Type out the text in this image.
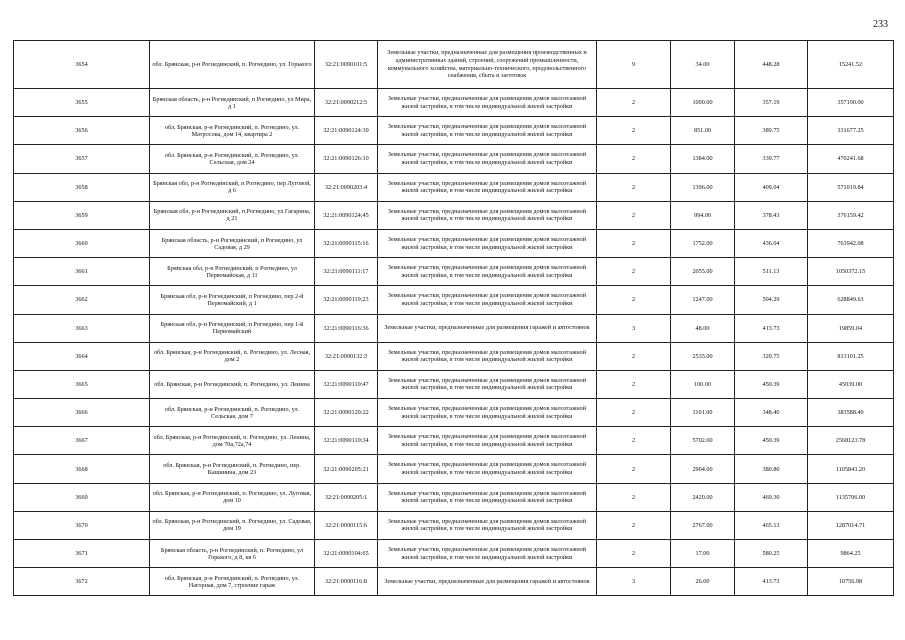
233
3654	обл. Брянская, р-н Рогнединский, п. Рогнедино, ул. Горького	32:21:0090101:5	Земельные участки, предназначенные для размещения производственных и административных зданий, строений, сооружений промышленности, коммунального хозяйства, материально-технического, продовольственного снабжения, сбыта и заготовок	9	34.00	448.28	15241.52
3655	Брянская область, р-н Рогнединский, п Рогнедино, ул Мира, д 1	32:21:0090212:5	Земельные участки, предназначенные для размещения домов малоэтажной жилой застройки, в том числе индивидуальной жилой застройки	2	1000.00	357.19	357190.00
3656	обл. Брянская, р-н Рогнединский, п. Рогнедино, ул. Матросова, дом 14, квартира 2	32:21:0090124:39	Земельные участки, предназначенные для размещения домов малоэтажной жилой застройки, в том числе индивидуальной жилой застройки	2	851.00	389.75	331677.25
3657	обл. Брянская, р-н Рогнединский, п. Рогнедино, ул. Сельская, дом 24	32:21:0090126:10	Земельные участки, предназначенные для размещения домов малоэтажной жилой застройки, в том числе индивидуальной жилой застройки	2	1384.00	339.77	470241.68
3658	Брянская обл, р-н Рогнединский, п Рогнедино, пер Луговой, д 6	32:21:0090203:4	Земельные участки, предназначенные для размещения домов малоэтажной жилой застройки, в том числе индивидуальной жилой застройки	2	1396.00	409.04	571019.84
3659	Брянская обл, р-н Рогнединский, п Рогнедино, ул Гагарина, д 21	32:21:0090124:45	Земельные участки, предназначенные для размещения домов малоэтажной жилой застройки, в том числе индивидуальной жилой застройки	2	994.00	378.43	376159.42
3660	Брянская область, р-н Рогнединский, п Рогнедино, ул Садовая, д 29	32:21:0090115:16	Земельные участки, предназначенные для размещения домов малоэтажной жилой застройки, в том числе индивидуальной жилой застройки	2	1752.00	436.04	763942.08
3661	Брянская обл, р-н Рогнединский, п Рогнедино, ул Первомайская, д 11	32:21:0090111:17	Земельные участки, предназначенные для размещения домов малоэтажной жилой застройки, в том числе индивидуальной жилой застройки	2	2055.00	511.13	1050372.15
3662	Брянская обл, р-н Рогнединский, п Рогнедино, пер 2-й Первомайский, д 1	32:21:0090119:23	Земельные участки, предназначенные для размещения домов малоэтажной жилой застройки, в том числе индивидуальной жилой застройки	2	1247.00	504.29	628849.63
3663	Брянская обл, р-н Рогнединский, п Рогнедино, пер 1-й Первомайский	32:21:0090116:36	Земельные участки, предназначенные для размещения гаражей и автостоянок	3	48.00	413.73	19859.04
3664	обл. Брянская, р-н Рогнединский, п. Рогнедино, ул. Лесная, дом 2	32:21:0090132:3	Земельные участки, предназначенные для размещения домов малоэтажной жилой застройки, в том числе индивидуальной жилой застройки	2	2535.00	320.75	813101.25
3665	обл. Брянская, р-н Рогнединский, п. Рогнедино, ул. Ленина	32:21:0090110:47	Земельные участки, предназначенные для размещения домов малоэтажной жилой застройки, в том числе индивидуальной жилой застройки	2	100.00	450.39	45039.00
3666	обл. Брянская, р-н Рогнединский, п. Рогнедино, ул. Сельская, дом 7	32:21:0090120:22	Земельные участки, предназначенные для размещения домов малоэтажной жилой застройки, в том числе индивидуальной жилой застройки	2	1101.00	348.40	383588.40
3667	обл. Брянская, р-н Рогнединский, п. Рогнедино, ул. Ленина, дом 70а,72а,74	32:21:0090110:34	Земельные участки, предназначенные для размещения домов малоэтажной жилой застройки, в том числе индивидуальной жилой застройки	2	5702.00	450.39	2568123.78
3668	обл. Брянская, р-н Рогнединский, п. Рогнедино, пер. Кашинина, дом 23	32:21:0090205:21	Земельные участки, предназначенные для размещения домов малоэтажной жилой застройки, в том числе индивидуальной жилой застройки	2	2904.00	380.80	1105843.20
3669	обл. Брянская, р-н Рогнединский, п. Рогнедино, ул. Луговая, дом 10	32:21:0090205:1	Земельные участки, предназначенные для размещения домов малоэтажной жилой застройки, в том числе индивидуальной жилой застройки	2	2420.00	469.30	1135706.00
3670	обл. Брянская, р-н Рогнединский, п. Рогнедино, ул. Садовая, дом 19	32:21:0090115:6	Земельные участки, предназначенные для размещения домов малоэтажной жилой застройки, в том числе индивидуальной жилой застройки	2	2767.00	465.13	1287014.71
3671	Брянская область, р-н Рогнединский, п. Рогнедино, ул Горького, д 8, кв 6	32:21:0090104:65	Земельные участки, предназначенные для размещения домов малоэтажной жилой застройки, в том числе индивидуальной жилой застройки	2	17.00	580.25	9864.25
3672	обл. Брянская, р-н Рогнединский, п. Рогнедино, ул. Нагорная, дом 7, строение гараж	32:21:0090116:8	Земельные участки, предназначенные для размещения гаражей и автостоянок	3	26.00	413.73	10756.98
